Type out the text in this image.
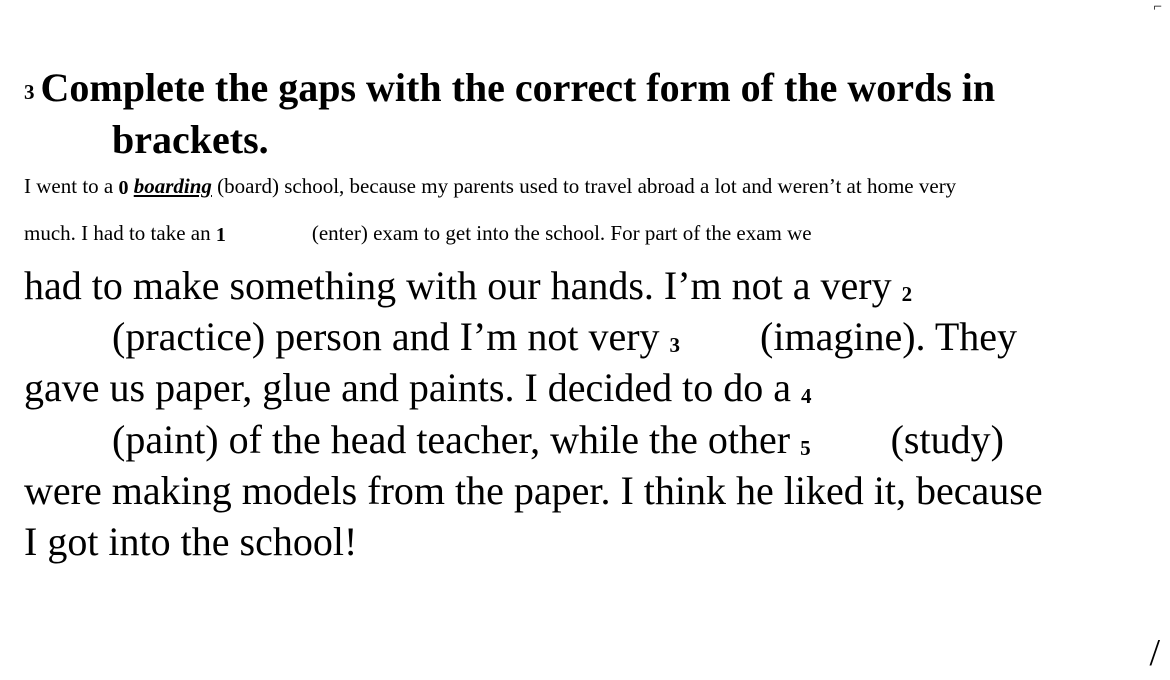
⌐
3 Complete the gaps with the correct form of the words in
brackets.
I went to a 0 boarding (board) school, because my parents used to travel abroad a lot and weren’t at home very
much. I had to take an 1	(enter) exam to get into the school. For part of the exam we
had to make something with our hands. I’m not a very 2
(practice) person and I’m not very 3 (imagine). They
gave us paper, glue and paints. I decided to do a 4
(paint) of the head teacher, while the other 5 (study)
were making models from the paper. I think he liked it, because
I got into the school!
/
